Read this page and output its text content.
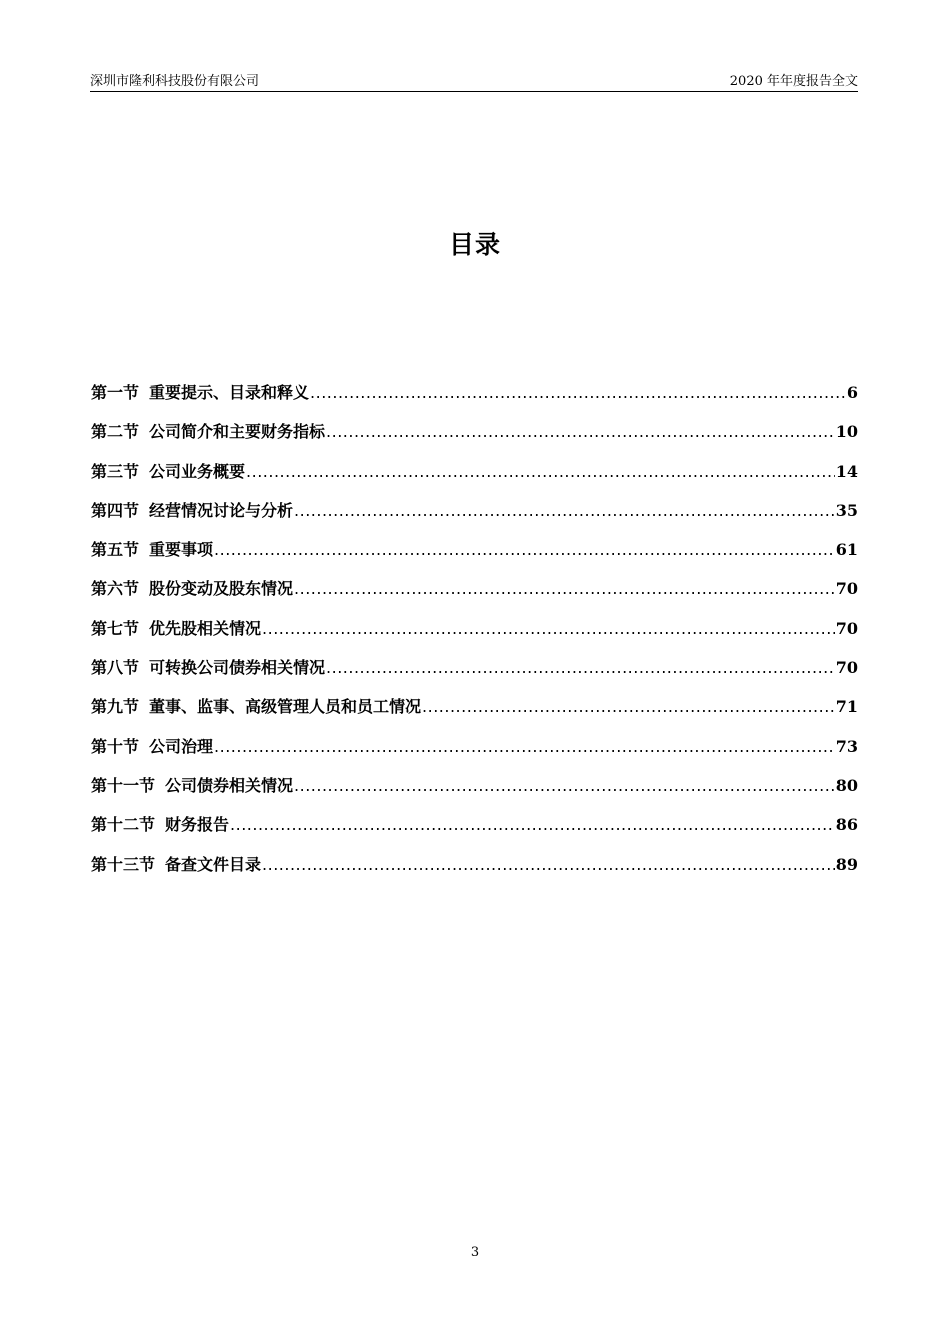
深圳市隆利科技股份有限公司	2020 年年度报告全文
目录
第一节 重要提示、目录和释义 .....	6
第二节 公司简介和主要财务指标 .....	10
第三节 公司业务概要 .....	14
第四节 经营情况讨论与分析 .....	35
第五节 重要事项 .....	61
第六节 股份变动及股东情况 .....	70
第七节 优先股相关情况 .....	70
第八节 可转换公司债券相关情况 .....	70
第九节 董事、监事、高级管理人员和员工情况 .....	71
第十节 公司治理 .....	73
第十一节 公司债券相关情况 .....	80
第十二节 财务报告 .....	86
第十三节 备查文件目录 .....	89
3
